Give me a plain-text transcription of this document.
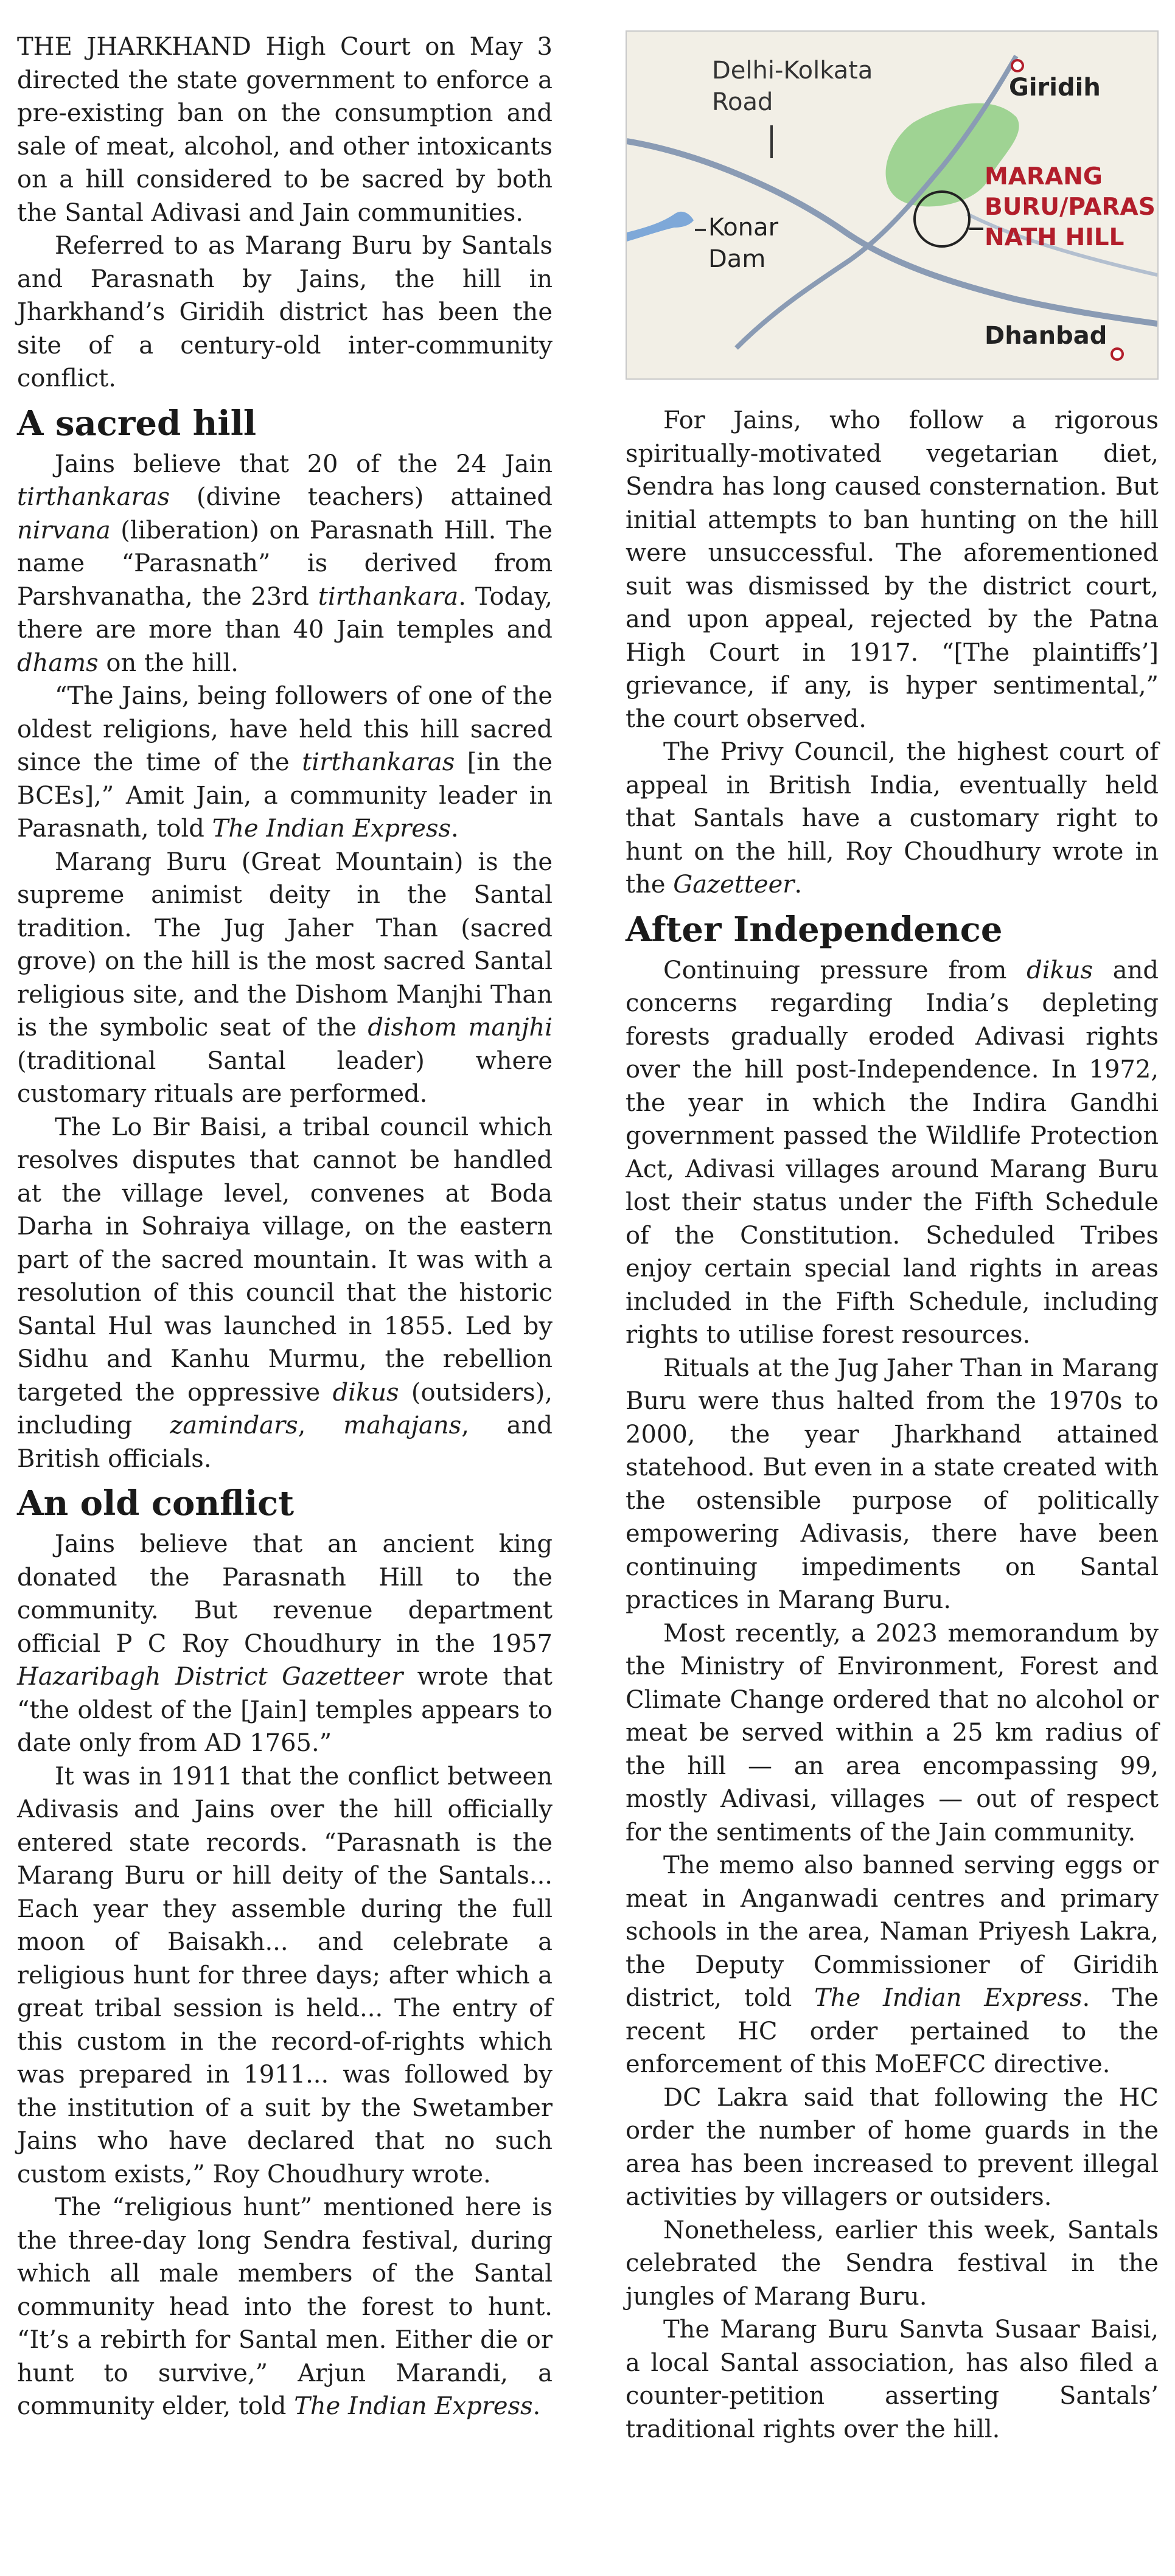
THE JHARKHAND High Court on May 3 directed the state government to enforce a pre-existing ban on the consumption and sale of meat, alcohol, and other intoxicants on a hill considered to be sacred by both the Santal Adivasi and Jain communities.

Referred to as Marang Buru by Santals and Parasnath by Jains, the hill in Jharkhand’s Giridih district has been the site of a century-old inter-community conflict.

A sacred hill

Jains believe that 20 of the 24 Jain tirthankaras (divine teachers) attained nirvana (liberation) on Parasnath Hill. The name “Parasnath” is derived from Parshvanatha, the 23rd tirthankara. Today, there are more than 40 Jain temples and dhams on the hill.

“The Jains, being followers of one of the oldest religions, have held this hill sacred since the time of the tirthankaras [in the BCEs],” Amit Jain, a community leader in Parasnath, told The Indian Express.

Marang Buru (Great Mountain) is the supreme animist deity in the Santal tradition. The Jug Jaher Than (sacred grove) on the hill is the most sacred Santal religious site, and the Dishom Manjhi Than is the symbolic seat of the dishom manjhi (traditional Santal leader) where customary rituals are performed.

The Lo Bir Baisi, a tribal council which resolves disputes that cannot be handled at the village level, convenes at Boda Darha in Sohraiya village, on the eastern part of the sacred mountain. It was with a resolution of this council that the historic Santal Hul was launched in 1855. Led by Sidhu and Kanhu Murmu, the rebellion targeted the oppressive dikus (outsiders), including zamindars, mahajans, and British officials.

An old conflict

Jains believe that an ancient king donated the Parasnath Hill to the community. But revenue department official P C Roy Choudhury in the 1957 Hazaribagh District Gazetteer wrote that “the oldest of the [Jain] temples appears to date only from AD 1765.”

It was in 1911 that the conflict between Adivasis and Jains over the hill officially entered state records. “Parasnath is the Marang Buru or hill deity of the Santals... Each year they assemble during the full moon of Baisakh... and celebrate a religious hunt for three days; after which a great tribal session is held... The entry of this custom in the record-of-rights which was prepared in 1911... was followed by the institution of a suit by the Swetamber Jains who have declared that no such custom exists,” Roy Choudhury wrote.

The “religious hunt” mentioned here is the three-day long Sendra festival, during which all male members of the Santal community head into the forest to hunt. “It’s a rebirth for Santal men. Either die or hunt to survive,” Arjun Marandi, a community elder, told The Indian Express.

Delhi-Kolkata
Road
Giridih
Konar
Dam
MARANG
BURU/PARAS
NATH HILL
Dhanbad

For Jains, who follow a rigorous spiritually-motivated vegetarian diet, Sendra has long caused consternation. But initial attempts to ban hunting on the hill were unsuccessful. The aforementioned suit was dismissed by the district court, and upon appeal, rejected by the Patna High Court in 1917. “[The plaintiffs’] grievance, if any, is hyper sentimental,” the court observed.

The Privy Council, the highest court of appeal in British India, eventually held that Santals have a customary right to hunt on the hill, Roy Choudhury wrote in the Gazetteer.

After Independence

Continuing pressure from dikus and concerns regarding India’s depleting forests gradually eroded Adivasi rights over the hill post-Independence. In 1972, the year in which the Indira Gandhi government passed the Wildlife Protection Act, Adivasi villages around Marang Buru lost their status under the Fifth Schedule of the Constitution. Scheduled Tribes enjoy certain special land rights in areas included in the Fifth Schedule, including rights to utilise forest resources.

Rituals at the Jug Jaher Than in Marang Buru were thus halted from the 1970s to 2000, the year Jharkhand attained statehood. But even in a state created with the ostensible purpose of politically empowering Adivasis, there have been continuing impediments on Santal practices in Marang Buru.

Most recently, a 2023 memorandum by the Ministry of Environment, Forest and Climate Change ordered that no alcohol or meat be served within a 25 km radius of the hill — an area encompassing 99, mostly Adivasi, villages — out of respect for the sentiments of the Jain community.

The memo also banned serving eggs or meat in Anganwadi centres and primary schools in the area, Naman Priyesh Lakra, the Deputy Commissioner of Giridih district, told The Indian Express. The recent HC order pertained to the enforcement of this MoEFCC directive.

DC Lakra said that following the HC order the number of home guards in the area has been increased to prevent illegal activities by villagers or outsiders.

Nonetheless, earlier this week, Santals celebrated the Sendra festival in the jungles of Marang Buru.

The Marang Buru Sanvta Susaar Baisi, a local Santal association, has also filed a counter-petition asserting Santals’ traditional rights over the hill.
